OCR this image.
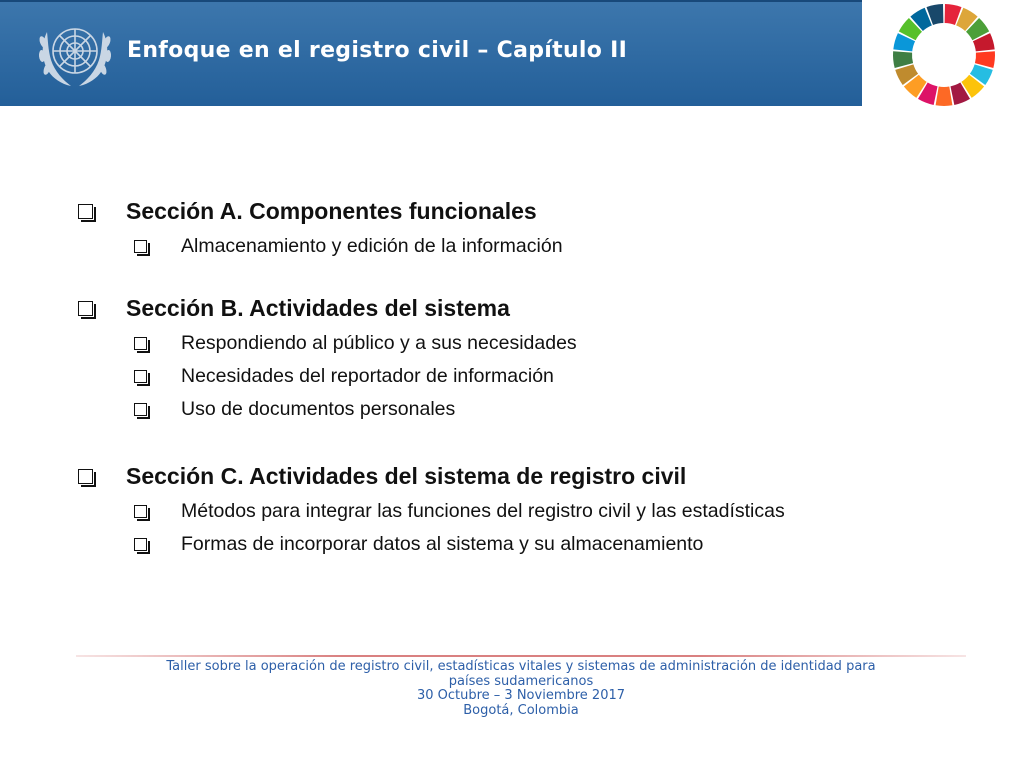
Enfoque en el registro civil – Capítulo II
Sección A. Componentes funcionales
Almacenamiento y edición de la información
Sección B. Actividades del sistema
Respondiendo al público y a sus necesidades
Necesidades del reportador de información
Uso de documentos personales
Sección C. Actividades del sistema de registro civil
Métodos para integrar las funciones del registro civil y las estadísticas
Formas de incorporar datos al sistema y su almacenamiento
Taller sobre la operación de registro civil, estadísticas vitales y sistemas de administración de identidad para
países sudamericanos
30 Octubre – 3 Noviembre 2017
Bogotá, Colombia
